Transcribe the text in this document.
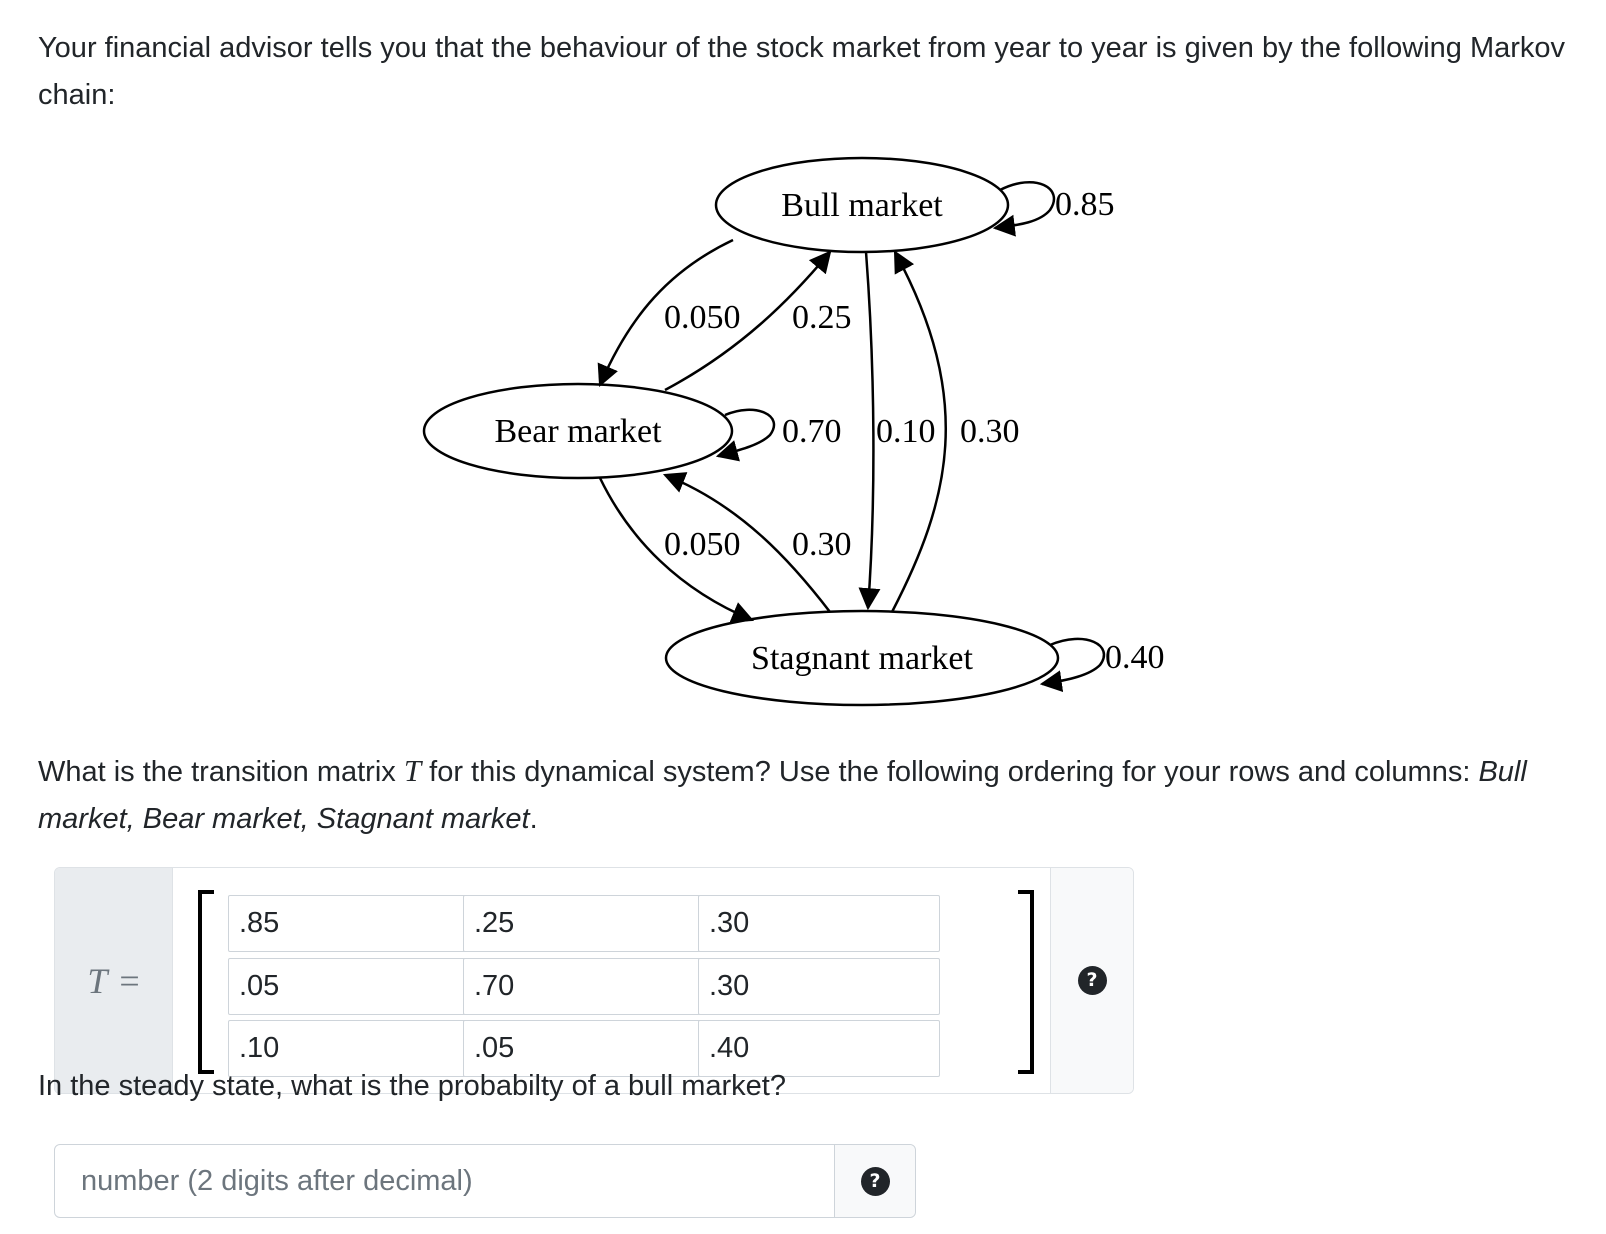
Your financial advisor tells you that the behaviour of the stock market from year to year is given by the following Markov chain:

Bull market
Bear market
Stagnant market
0.85
0.050 0.25
0.70 0.10 0.30
0.050 0.30
0.40

What is the transition matrix T for this dynamical system? Use the following ordering for your rows and columns: Bull market, Bear market, Stagnant market.

T =
.85
.25
.30
.05
.70
.30
.10
.05
.40	?

In the steady state, what is the probabilty of a bull market?

number (2 digits after decimal)
?
